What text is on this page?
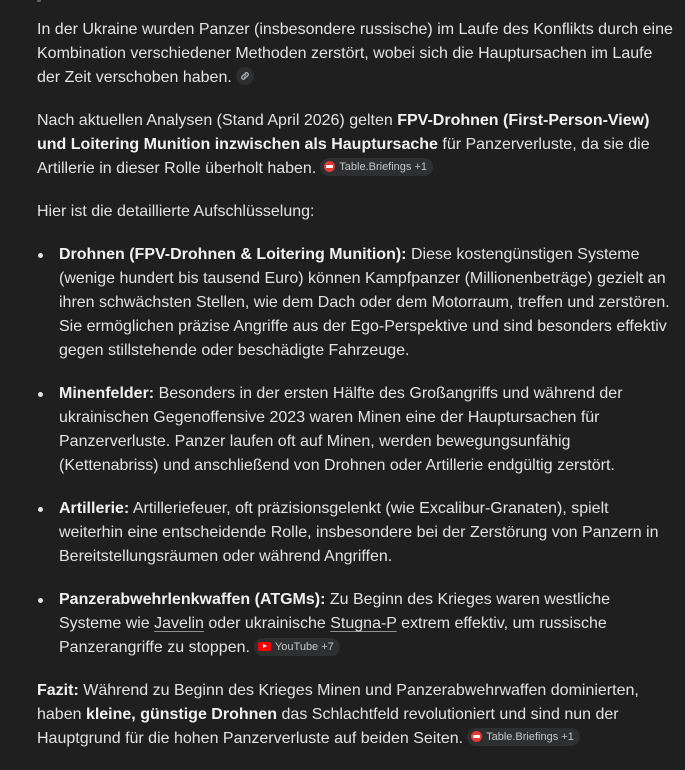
In der Ukraine wurden Panzer (insbesondere russische) im Laufe des Konflikts durch eine Kombination verschiedener Methoden zerstört, wobei sich die Hauptursachen im Laufe der Zeit verschoben haben.

Nach aktuellen Analysen (Stand April 2026) gelten FPV-Drohnen (First-Person-View) und Loitering Munition inzwischen als Hauptursache für Panzerverluste, da sie die Artillerie in dieser Rolle überholt haben. Table.Briefings +1

Hier ist die detaillierte Aufschlüsselung:

Drohnen (FPV-Drohnen & Loitering Munition): Diese kostengünstigen Systeme (wenige hundert bis tausend Euro) können Kampfpanzer (Millionenbeträge) gezielt an ihren schwächsten Stellen, wie dem Dach oder dem Motorraum, treffen und zerstören. Sie ermöglichen präzise Angriffe aus der Ego-Perspektive und sind besonders effektiv gegen stillstehende oder beschädigte Fahrzeuge.
Minenfelder: Besonders in der ersten Hälfte des Großangriffs und während der ukrainischen Gegenoffensive 2023 waren Minen eine der Hauptursachen für Panzerverluste. Panzer laufen oft auf Minen, werden bewegungsunfähig (Kettenabriss) und anschließend von Drohnen oder Artillerie endgültig zerstört.
Artillerie: Artilleriefeuer, oft präzisionsgelenkt (wie Excalibur-Granaten), spielt weiterhin eine entscheidende Rolle, insbesondere bei der Zerstörung von Panzern in Bereitstellungsräumen oder während Angriffen.
Panzerabwehrlenkwaffen (ATGMs): Zu Beginn des Krieges waren westliche Systeme wie Javelin oder ukrainische Stugna-P extrem effektiv, um russische Panzerangriffe zu stoppen. YouTube +7

Fazit: Während zu Beginn des Krieges Minen und Panzerabwehrwaffen dominierten, haben kleine, günstige Drohnen das Schlachtfeld revolutioniert und sind nun der Hauptgrund für die hohen Panzerverluste auf beiden Seiten. Table.Briefings +1
